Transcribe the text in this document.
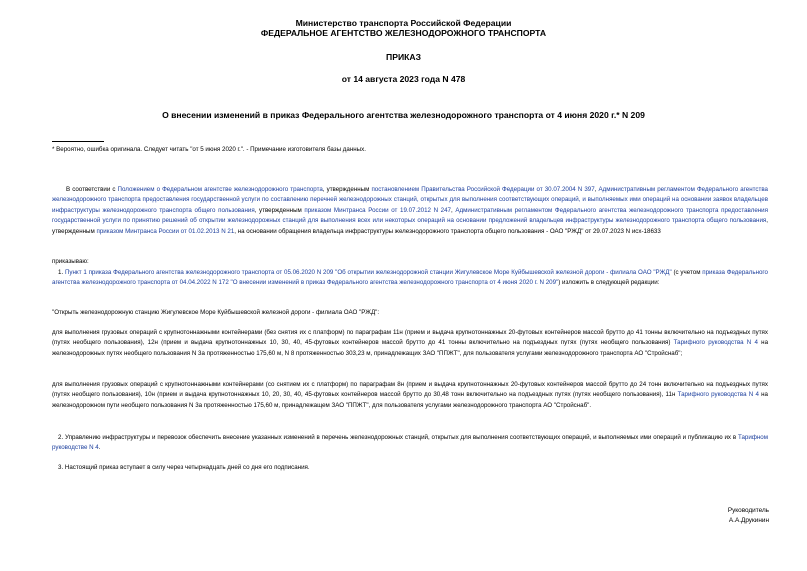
Министерство транспорта Российской Федерации
ФЕДЕРАЛЬНОЕ АГЕНТСТВО ЖЕЛЕЗНОДОРОЖНОГО ТРАНСПОРТА
ПРИКАЗ
от 14 августа 2023 года N 478
О внесении изменений в приказ Федерального агентства железнодорожного транспорта от 4 июня 2020 г.* N 209
* Вероятно, ошибка оригинала. Следует читать "от 5 июня 2020 г.". - Примечание изготовителя базы данных.
В соответствии с Положением о Федеральном агентстве железнодорожного транспорта, утвержденным постановлением Правительства Российской Федерации от 30.07.2004 N 397, Административным регламентом Федерального агентства железнодорожного транспорта предоставления государственной услуги по составлению перечней железнодорожных станций, открытых для выполнения соответствующих операций, и выполняемых ими операций на основании заявок владельцев инфраструктуры железнодорожного транспорта общего пользования, утвержденным приказом Минтранса России от 19.07.2012 N 247, Административным регламентом Федерального агентства железнодорожного транспорта предоставления государственной услуги по принятию решений об открытии железнодорожных станций для выполнения всех или некоторых операций на основании предложений владельцев инфраструктуры железнодорожного транспорта общего пользования, утвержденным приказом Минтранса России от 01.02.2013 N 21, на основании обращения владельца инфраструктуры железнодорожного транспорта общего пользования - ОАО "РЖД" от 29.07.2023 N исх-18633
приказываю:
1. Пункт 1 приказа Федерального агентства железнодорожного транспорта от 05.06.2020 N 209 "Об открытии железнодорожной станции Жигулевское Море Куйбышевской железной дороги - филиала ОАО "РЖД" (с учетом приказа Федерального агентства железнодорожного транспорта от 04.04.2022 N 172 "О внесении изменений в приказ Федерального агентства железнодорожного транспорта от 4 июня 2020 г. N 209") изложить в следующей редакции:
"Открыть железнодорожную станцию Жигулевское Море Куйбышевской железной дороги - филиала ОАО "РЖД":
для выполнения грузовых операций с крупнотоннажными контейнерами (без снятия их с платформ) по параграфам 11н (прием и выдача крупнотоннажных 20-футовых контейнеров массой брутто до 41 тонны включительно на подъездных путях (путях необщего пользования), 12н (прием и выдача крупнотоннажных 10, 30, 40, 45-футовых контейнеров массой брутто до 41 тонны включительно на подъездных путях (путях необщего пользования) Тарифного руководства N 4 на железнодорожных путях необщего пользования N 3а протяженностью 175,60 м, N 8 протяженностью 303,23 м, принадлежащих ЗАО "ППЖТ", для пользователя услугами железнодорожного транспорта АО "Стройснаб";
для выполнения грузовых операций с крупнотоннажными контейнерами (со снятием их с платформ) по параграфам 8н (прием и выдача крупнотоннажных 20-футовых контейнеров массой брутто до 24 тонн включительно на подъездных путях (путях необщего пользования), 10н (прием и выдача крупнотоннажных 10, 20, 30, 40, 45-футовых контейнеров массой брутто до 30,48 тонн включительно на подъездных путях (путях необщего пользования), 11н Тарифного руководства N 4 на железнодорожном пути необщего пользования N 3а протяженностью 175,60 м, принадлежащем ЗАО "ППЖТ", для пользователя услугами железнодорожного транспорта АО "Стройснаб".
2. Управлению инфраструктуры и перевозок обеспечить внесение указанных изменений в перечень железнодорожных станций, открытых для выполнения соответствующих операций, и выполняемых ими операций и публикацию их в Тарифном руководстве N 4.
3. Настоящий приказ вступает в силу через четырнадцать дней со дня его подписания.
Руководитель
А.А.Друкинин
